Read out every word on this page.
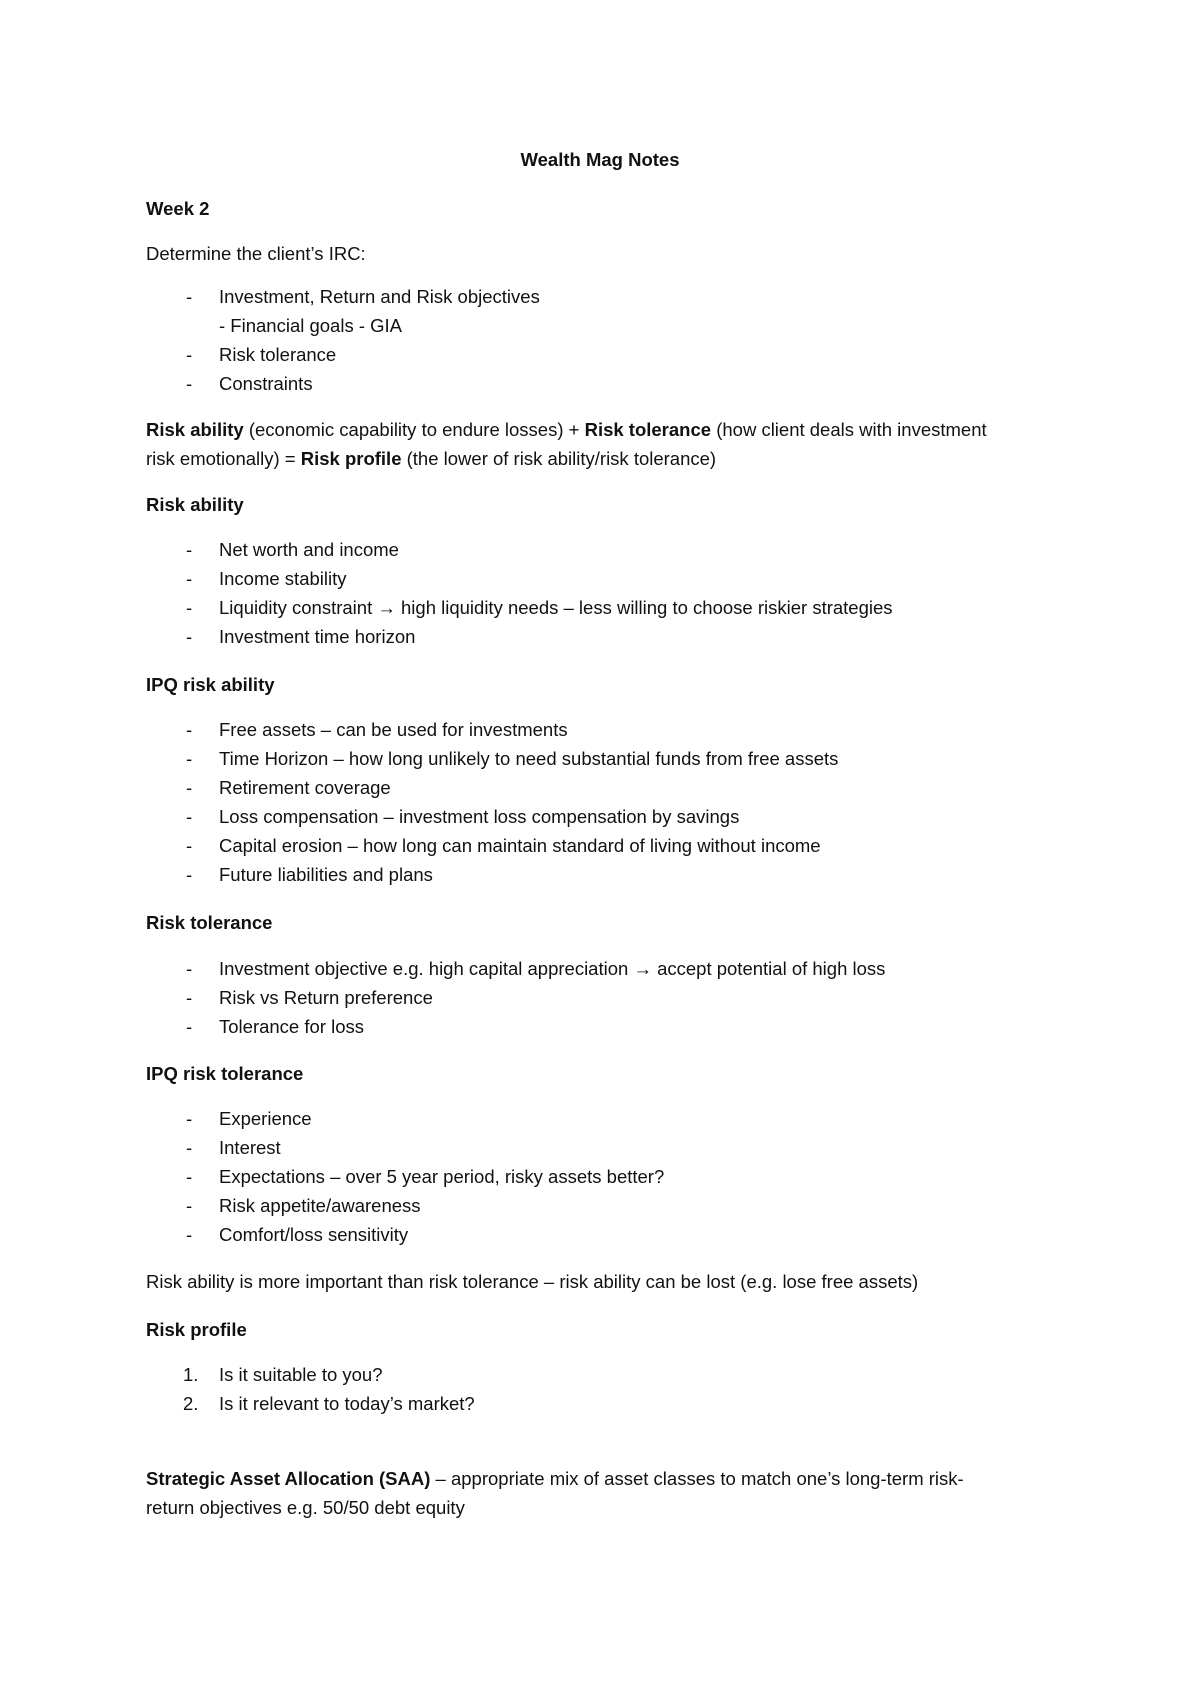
Wealth Mag Notes
Week 2
Determine the client’s IRC:
- Investment, Return and Risk objectives
- Financial goals - GIA
- Risk tolerance
- Constraints
Risk ability (economic capability to endure losses) + Risk tolerance (how client deals with investment
risk emotionally) = Risk profile (the lower of risk ability/risk tolerance)
Risk ability
- Net worth and income
- Income stability
- Liquidity constraint → high liquidity needs – less willing to choose riskier strategies
- Investment time horizon
IPQ risk ability
- Free assets – can be used for investments
- Time Horizon – how long unlikely to need substantial funds from free assets
- Retirement coverage
- Loss compensation – investment loss compensation by savings
- Capital erosion – how long can maintain standard of living without income
- Future liabilities and plans
Risk tolerance
- Investment objective e.g. high capital appreciation → accept potential of high loss
- Risk vs Return preference
- Tolerance for loss
IPQ risk tolerance
- Experience
- Interest
- Expectations – over 5 year period, risky assets better?
- Risk appetite/awareness
- Comfort/loss sensitivity
Risk ability is more important than risk tolerance – risk ability can be lost (e.g. lose free assets)
Risk profile
1. Is it suitable to you?
2. Is it relevant to today’s market?
Strategic Asset Allocation (SAA) – appropriate mix of asset classes to match one’s long-term risk-
return objectives e.g. 50/50 debt equity
